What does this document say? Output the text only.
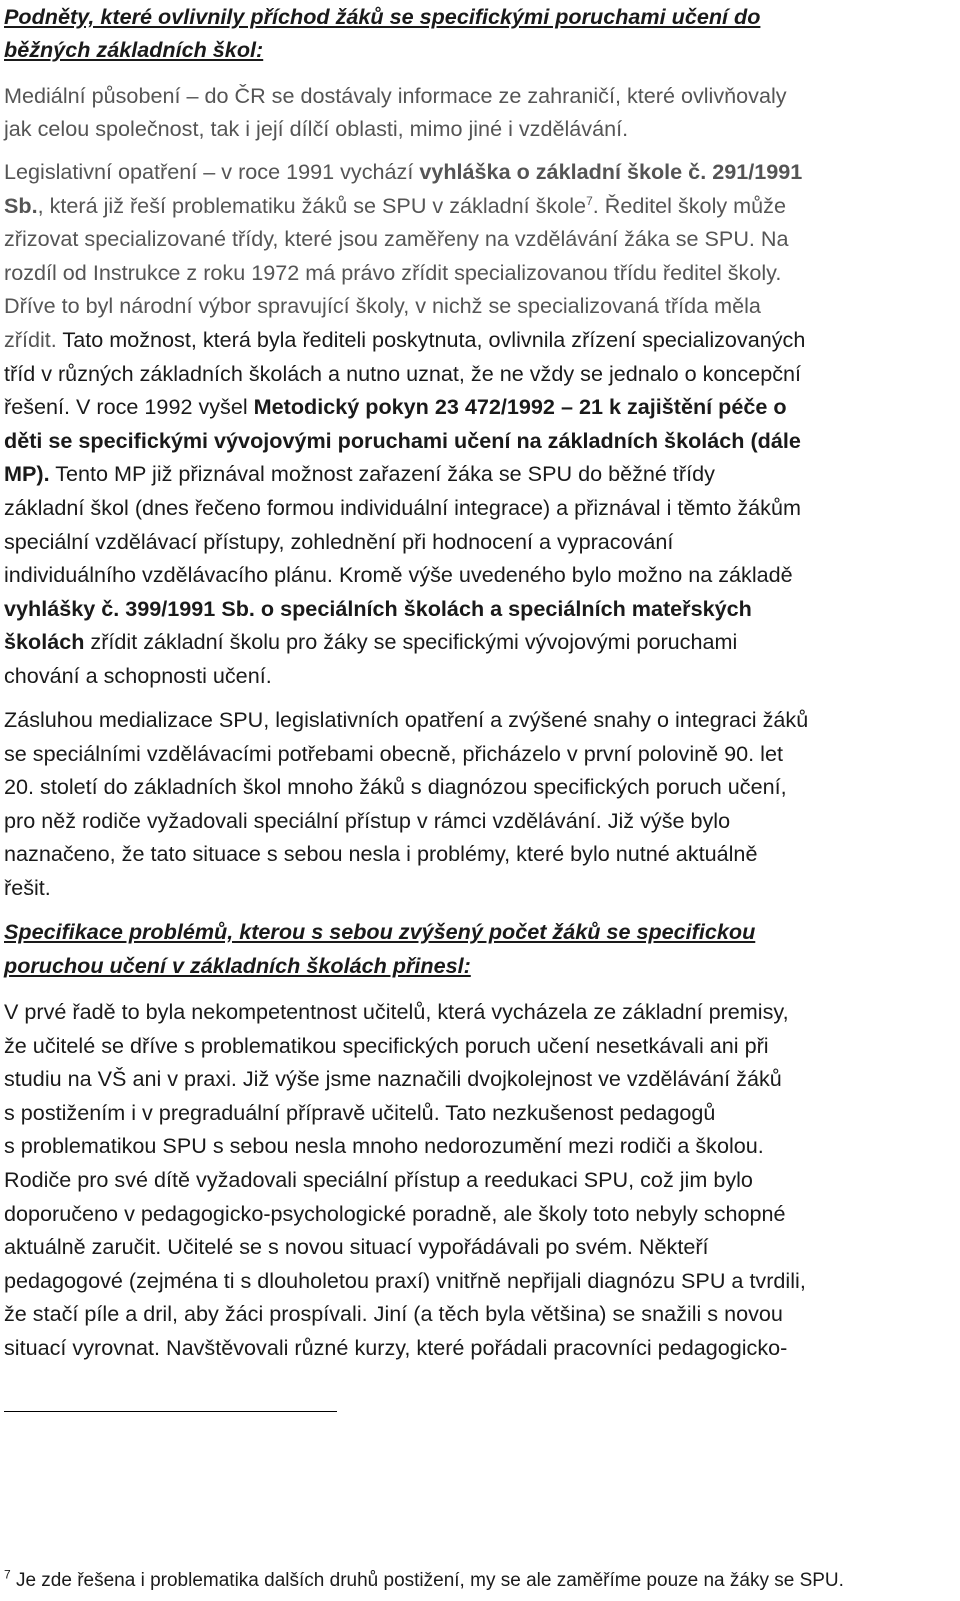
Podněty, které ovlivnily příchod žáků se specifickými poruchami učení do
běžných základních škol:
Mediální působení – do ČR se dostávaly informace ze zahraničí, které ovlivňovaly
jak celou společnost, tak i její dílčí oblasti, mimo jiné i vzdělávání.
Legislativní opatření – v roce 1991 vychází vyhláška o základní škole č. 291/1991
Sb., která již řeší problematiku žáků se SPU v základní škole$^7$. Ředitel školy může
zřizovat specializované třídy, které jsou zaměřeny na vzdělávání žáka se SPU. Na
rozdíl od Instrukce z roku 1972 má právo zřídit specializovanou třídu ředitel školy.
Dříve to byl národní výbor spravující školy, v nichž se specializovaná třída měla
zřídit. Tato možnost, která byla řediteli poskytnuta, ovlivnila zřízení specializovaných
tříd v různých základních školách a nutno uznat, že ne vždy se jednalo o koncepční
řešení. V roce 1992 vyšel Metodický pokyn 23 472/1992 – 21 k zajištění péče o
děti se specifickými vývojovými poruchami učení na základních školách (dále
MP). Tento MP již přiznával možnost zařazení žáka se SPU do běžné třídy
základní škol (dnes řečeno formou individuální integrace) a přiznával i těmto žákům
speciální vzdělávací přístupy, zohlednění při hodnocení a vypracování
individuálního vzdělávacího plánu. Kromě výše uvedeného bylo možno na základě
vyhlášky č. 399/1991 Sb. o speciálních školách a speciálních mateřských
školách zřídit základní školu pro žáky se specifickými vývojovými poruchami
chování a schopnosti učení.
Zásluhou medializace SPU, legislativních opatření a zvýšené snahy o integraci žáků
se speciálními vzdělávacími potřebami obecně, přicházelo v první polovině 90. let
20. století do základních škol mnoho žáků s diagnózou specifických poruch učení,
pro něž rodiče vyžadovali speciální přístup v rámci vzdělávání. Již výše bylo
naznačeno, že tato situace s sebou nesla i problémy, které bylo nutné aktuálně
řešit.
Specifikace problémů, kterou s sebou zvýšený počet žáků se specifickou
poruchou učení v základních školách přinesl:
V prvé řadě to byla nekompetentnost učitelů, která vycházela ze základní premisy,
že učitelé se dříve s problematikou specifických poruch učení nesetkávali ani při
studiu na VŠ ani v praxi. Již výše jsme naznačili dvojkolejnost ve vzdělávání žáků
s postižením i v pregraduální přípravě učitelů. Tato nezkušenost pedagogů
s problematikou SPU s sebou nesla mnoho nedorozumění mezi rodiči a školou.
Rodiče pro své dítě vyžadovali speciální přístup a reedukaci SPU, což jim bylo
doporučeno v pedagogicko-psychologické poradně, ale školy toto nebyly schopné
aktuálně zaručit. Učitelé se s novou situací vypořádávali po svém. Někteří
pedagogové (zejména ti s dlouholetou praxí) vnitřně nepřijali diagnózu SPU a tvrdili,
že stačí píle a dril, aby žáci prospívali. Jiní (a těch byla většina) se snažili s novou
situací vyrovnat. Navštěvovali různé kurzy, které pořádali pracovníci pedagogicko-
$^7$ Je zde řešena i problematika dalších druhů postižení, my se ale zaměříme pouze na žáky se SPU.
